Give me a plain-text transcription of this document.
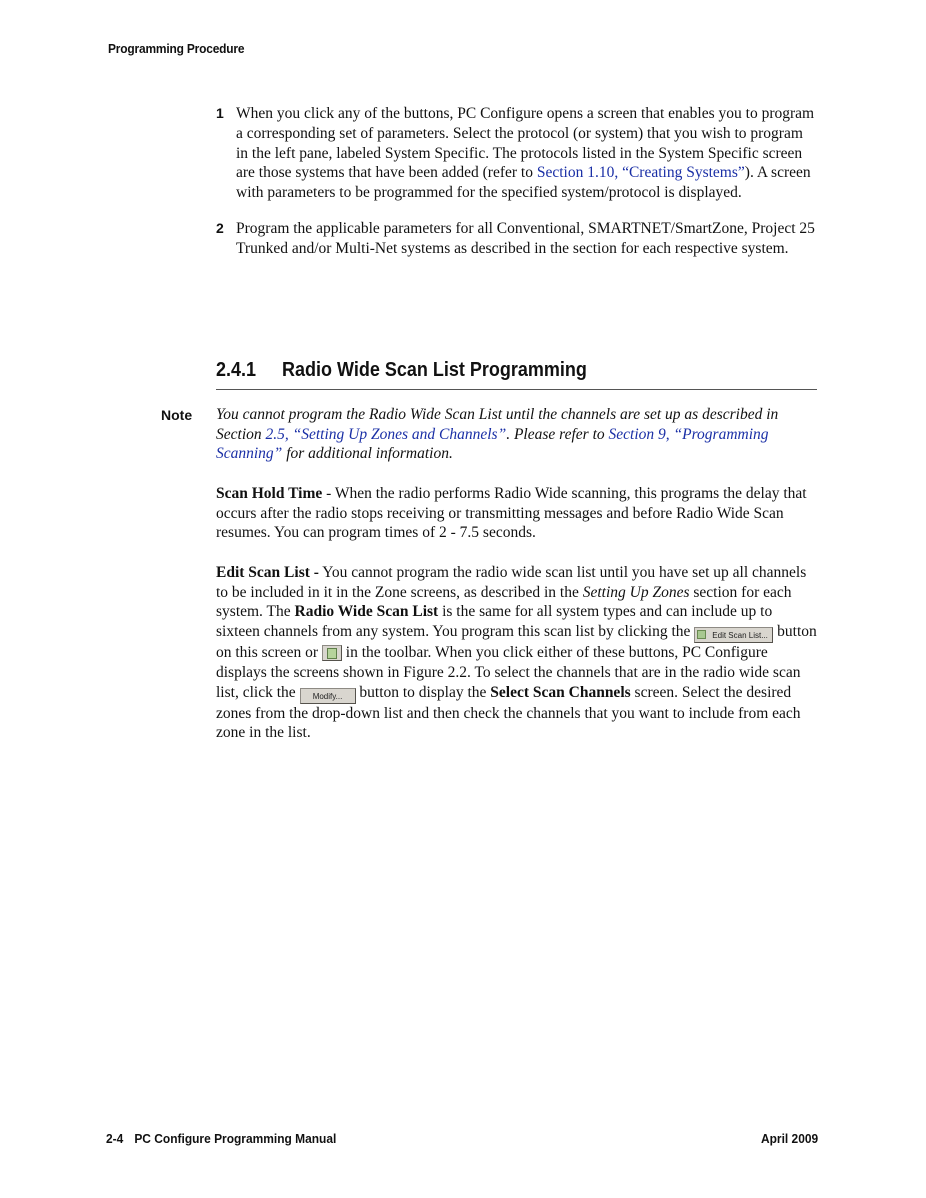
Programming Procedure
1 When you click any of the buttons, PC Configure opens a screen that enables you to program a corresponding set of parameters. Select the protocol (or system) that you wish to program in the left pane, labeled System Specific. The protocols listed in the System Specific screen are those systems that have been added (refer to Section 1.10, “Creating Systems”). A screen with parameters to be programmed for the specified system/protocol is displayed.
2 Program the applicable parameters for all Conventional, SMARTNET/SmartZone, Project 25 Trunked and/or Multi-Net systems as described in the section for each respective system.
2.4.1 Radio Wide Scan List Programming
Note You cannot program the Radio Wide Scan List until the channels are set up as described in Section 2.5, “Setting Up Zones and Channels”. Please refer to Section 9, “Programming Scanning” for additional information.
Scan Hold Time - When the radio performs Radio Wide scanning, this programs the delay that occurs after the radio stops receiving or transmitting messages and before Radio Wide Scan resumes. You can program times of 2 - 7.5 seconds.
Edit Scan List - You cannot program the radio wide scan list until you have set up all channels to be included in it in the Zone screens, as described in the Setting Up Zones section for each system. The Radio Wide Scan List is the same for all system types and can include up to sixteen channels from any system. You program this scan list by clicking the Edit Scan List... button on this screen or  in the toolbar. When you click either of these buttons, PC Configure displays the screens shown in Figure 2.2. To select the channels that are in the radio wide scan list, click the Modify... button to display the Select Scan Channels screen. Select the desired zones from the drop-down list and then check the channels that you want to include from each zone in the list.
2-4 PC Configure Programming Manual	April 2009
